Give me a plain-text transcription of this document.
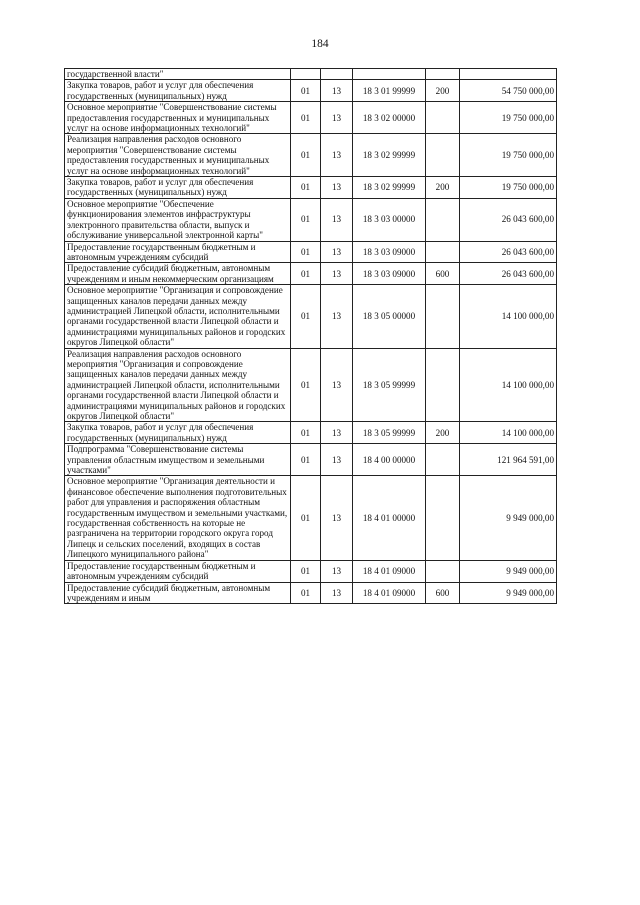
184
государственной власти"					
Закупка товаров, работ и услуг для обеспечения государственных (муниципальных) нужд	01	13	18 3 01 99999	200	54 750 000,00
Основное мероприятие "Совершенствование системы предоставления государственных и муниципальных услуг на основе информационных технологий"	01	13	18 3 02 00000		19 750 000,00
Реализация направления расходов основного мероприятия "Совершенствование системы предоставления государственных и муниципальных услуг на основе информационных технологий"	01	13	18 3 02 99999		19 750 000,00
Закупка товаров, работ и услуг для обеспечения государственных (муниципальных) нужд	01	13	18 3 02 99999	200	19 750 000,00
Основное мероприятие "Обеспечение функционирования элементов инфраструктуры электронного правительства области, выпуск и обслуживание универсальной электронной карты"	01	13	18 3 03 00000		26 043 600,00
Предоставление государственным бюджетным и автономным учреждениям субсидий	01	13	18 3 03 09000		26 043 600,00
Предоставление субсидий бюджетным, автономным учреждениям и иным некоммерческим организациям	01	13	18 3 03 09000	600	26 043 600,00
Основное мероприятие "Организация и сопровождение защищенных каналов передачи данных между администрацией Липецкой области, исполнительными органами государственной власти Липецкой области и администрациями муниципальных районов и городских округов Липецкой области"	01	13	18 3 05 00000		14 100 000,00
Реализация направления расходов основного мероприятия "Организация и сопровождение защищенных каналов передачи данных между администрацией Липецкой области, исполнительными органами государственной власти Липецкой области и администрациями муниципальных районов и городских округов Липецкой области"	01	13	18 3 05 99999		14 100 000,00
Закупка товаров, работ и услуг для обеспечения государственных (муниципальных) нужд	01	13	18 3 05 99999	200	14 100 000,00
Подпрограмма "Совершенствование системы управления областным имуществом и земельными участками"	01	13	18 4 00 00000		121 964 591,00
Основное мероприятие "Организация деятельности и финансовое обеспечение выполнения подготовительных работ для управления и распоряжения областным государственным имуществом и земельными участками, государственная собственность на которые не разграничена на территории городского округа город Липецк и сельских поселений, входящих в состав Липецкого муниципального района"	01	13	18 4 01 00000		9 949 000,00
Предоставление государственным бюджетным и автономным учреждениям субсидий	01	13	18 4 01 09000		9 949 000,00
Предоставление субсидий бюджетным, автономным учреждениям и иным	01	13	18 4 01 09000	600	9 949 000,00
